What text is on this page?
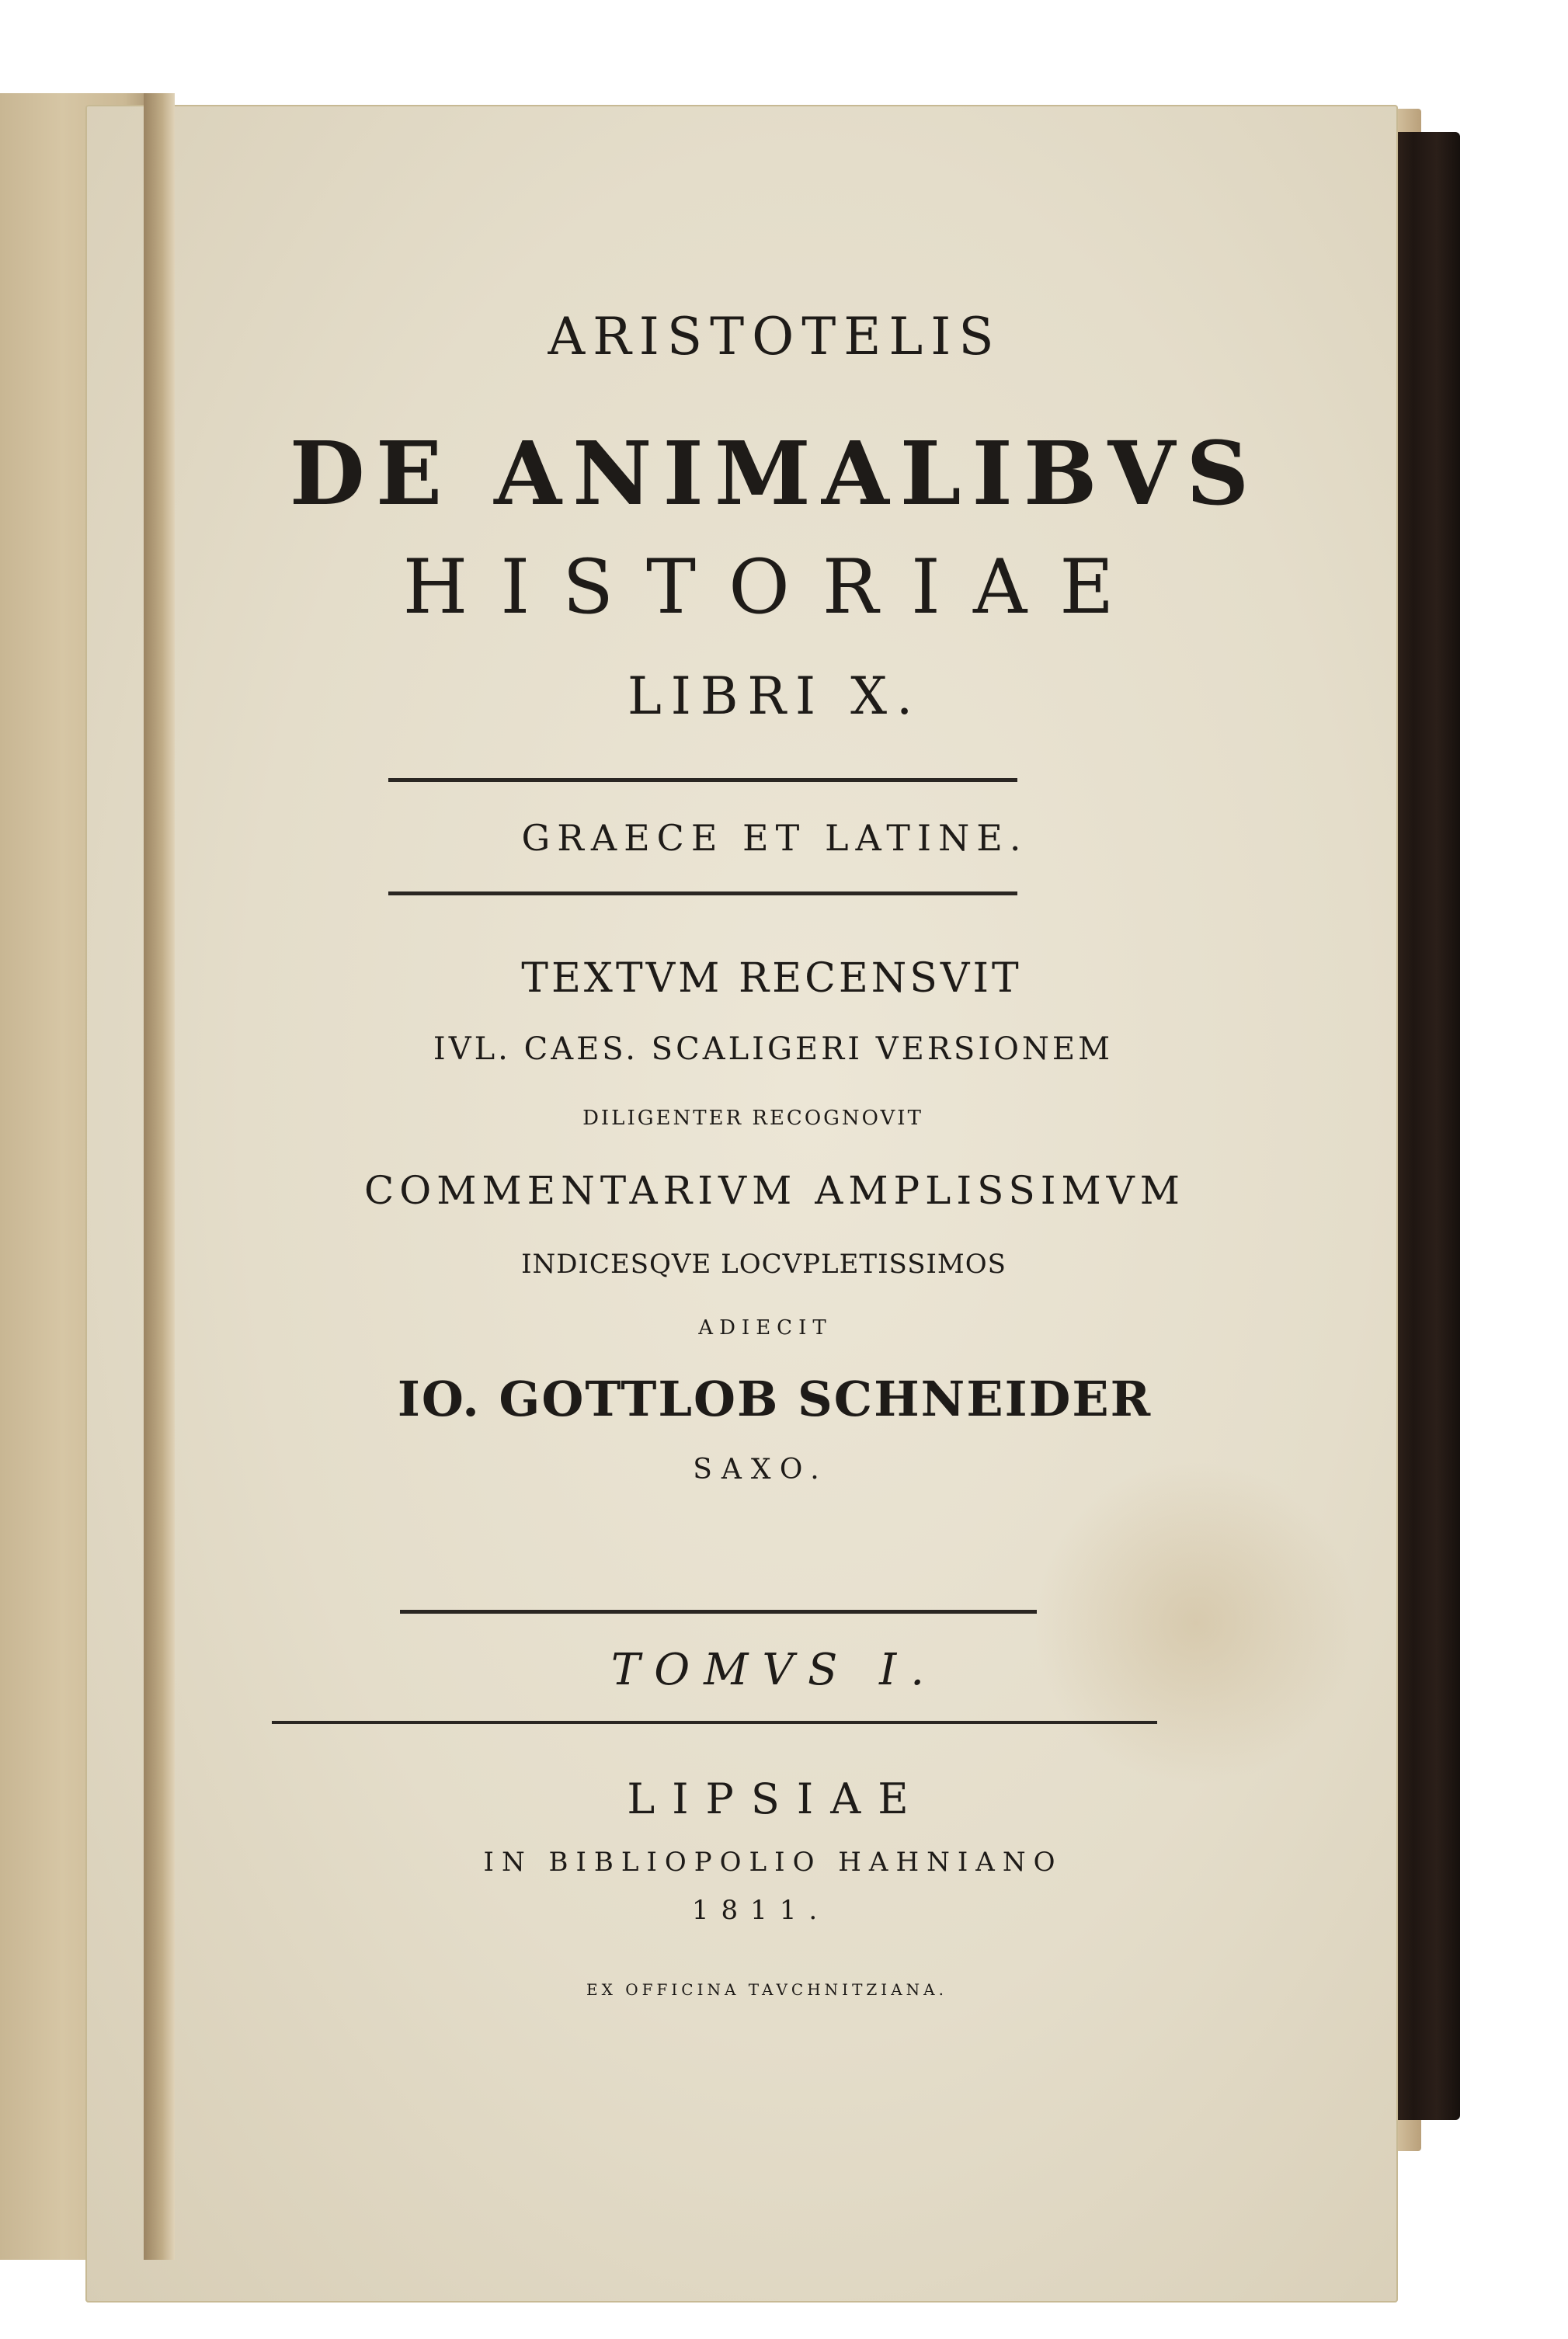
ARISTOTELIS
DE ANIMALIBVS
HISTORIAE
LIBRI X.
GRAECE ET LATINE.
TEXTVM RECENSVIT
IVL. CAES. SCALIGERI VERSIONEM
DILIGENTER RECOGNOVIT
COMMENTARIVM AMPLISSIMVM
INDICESQVE LOCVPLETISSIMOS
ADIECIT
IO. GOTTLOB SCHNEIDER
SAXO.
TOMVS I.
LIPSIAE
IN BIBLIOPOLIO HAHNIANO
1811.
EX OFFICINA TAVCHNITZIANA.
